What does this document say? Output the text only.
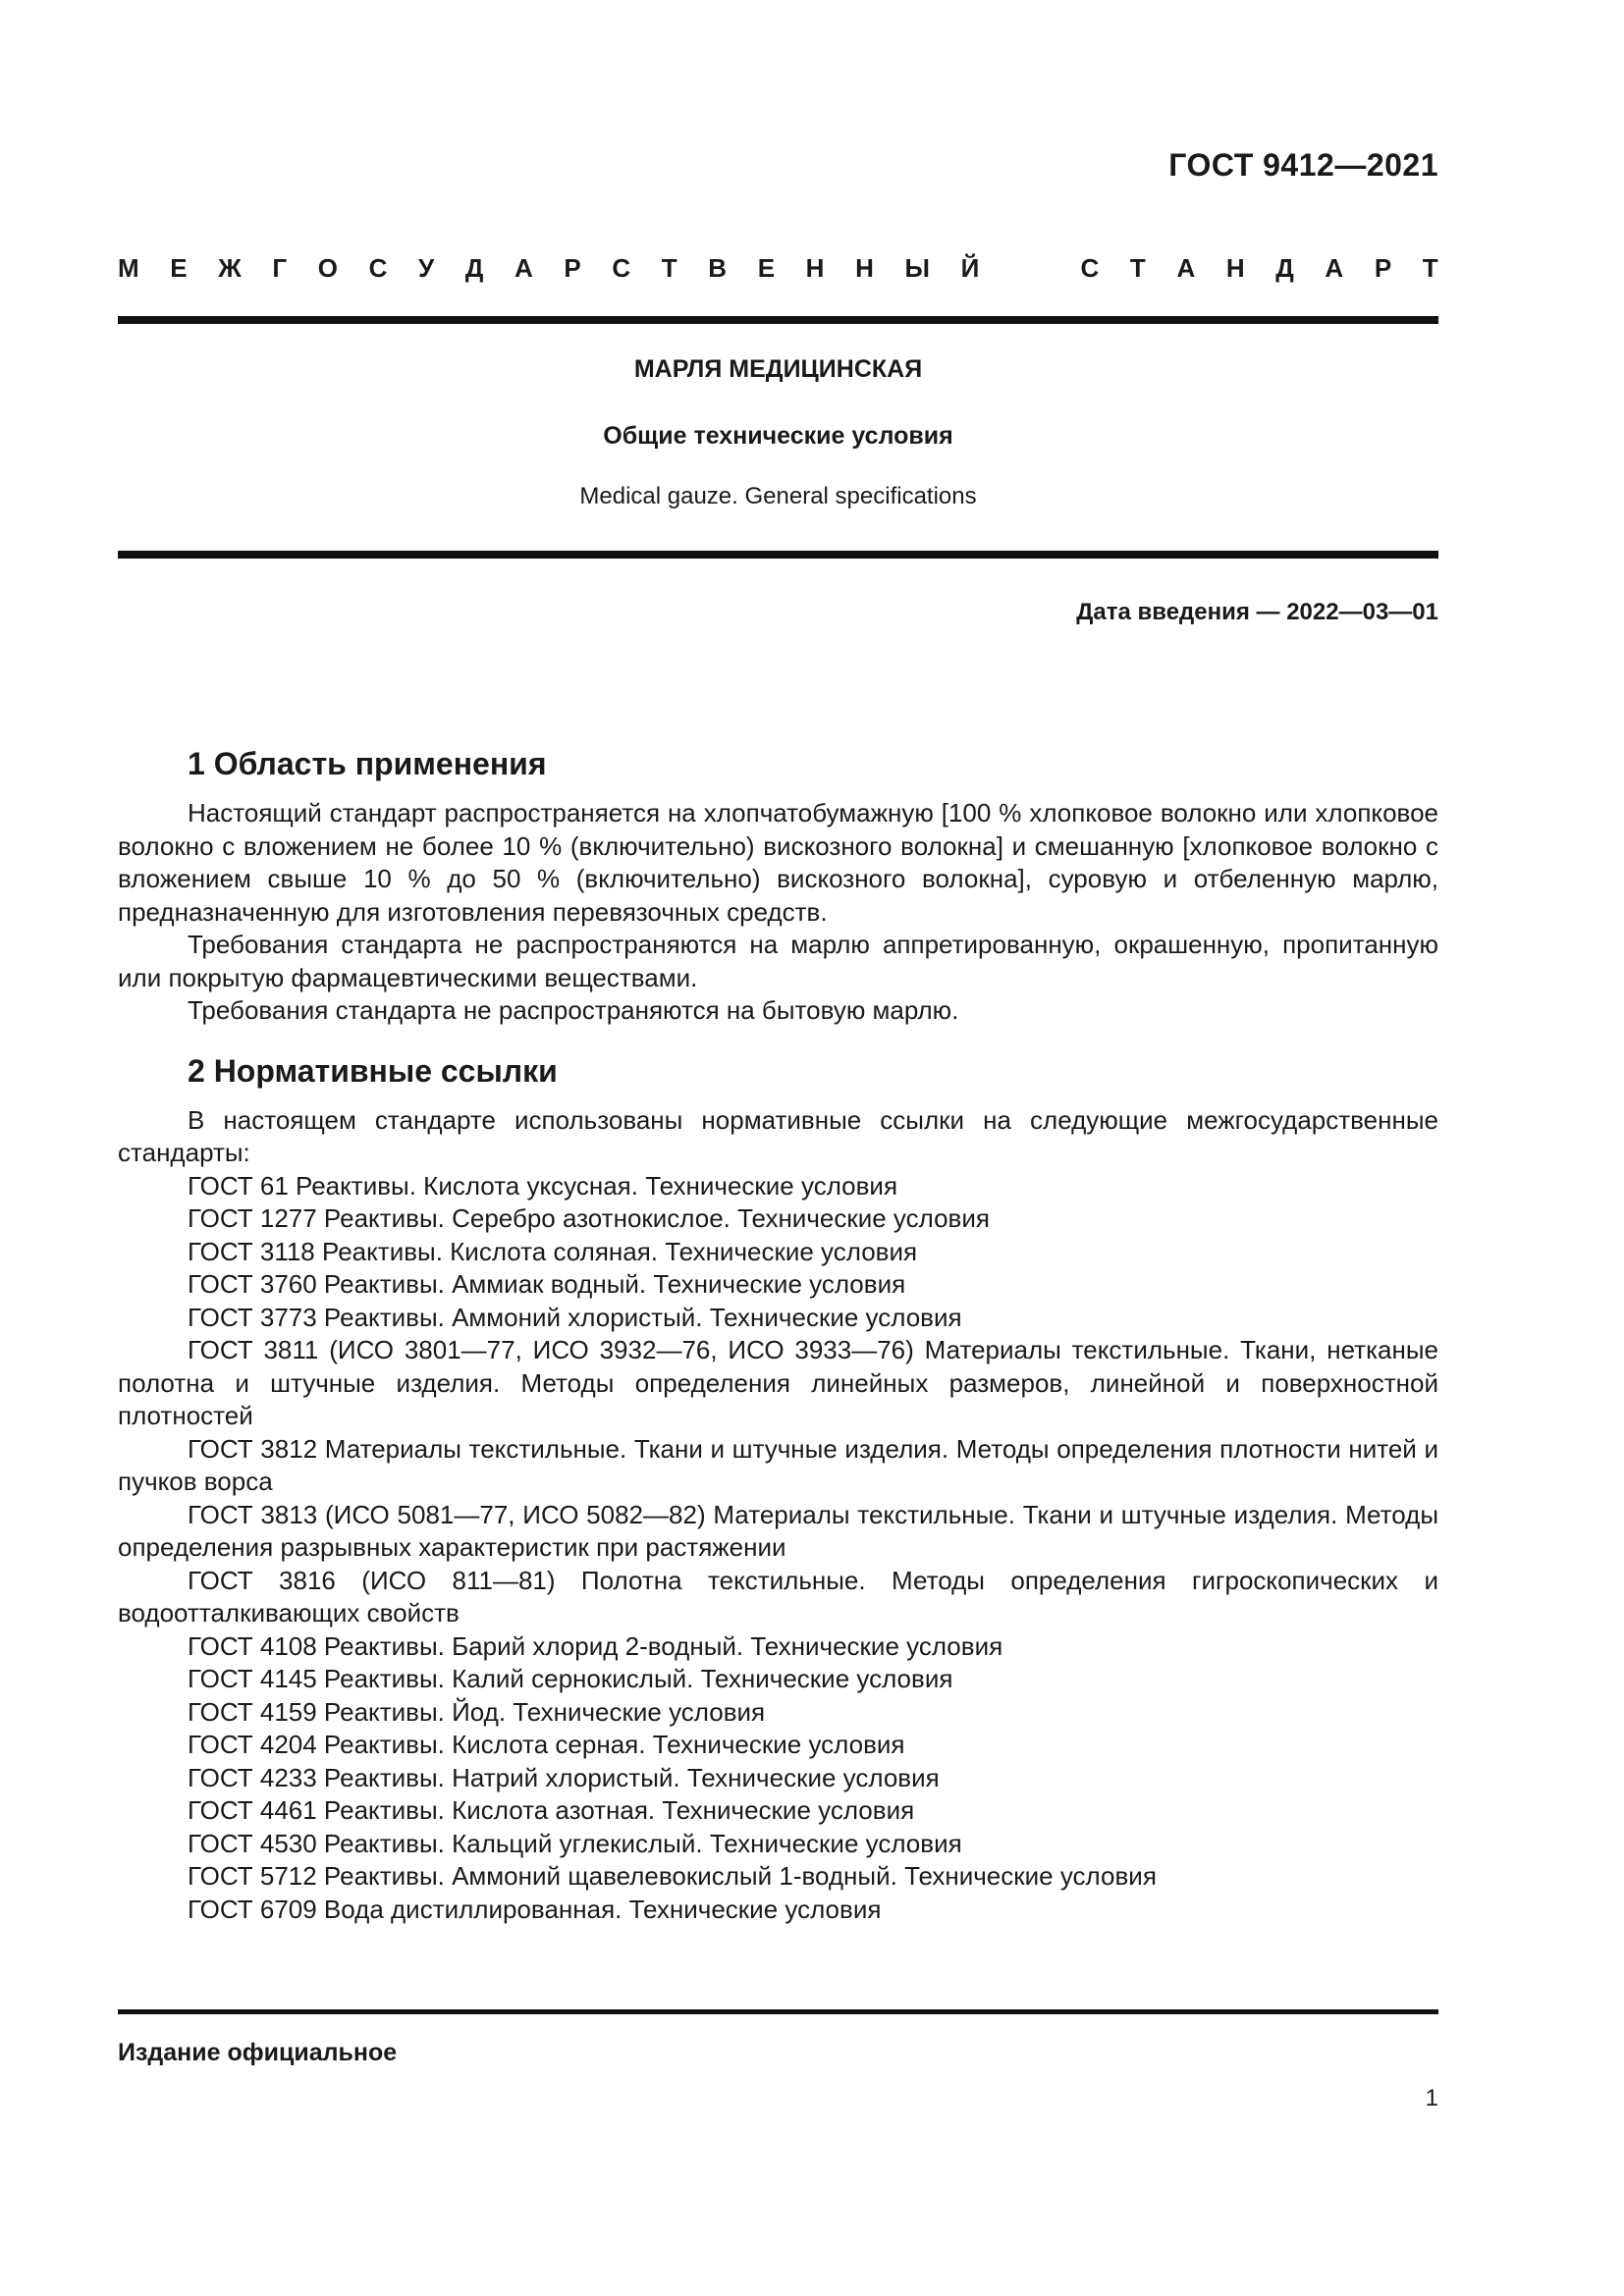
ГОСТ 9412—2021
М Е Ж Г О С У Д А Р С Т В Е Н Н Ы Й	С Т А Н Д А Р Т
МАРЛЯ МЕДИЦИНСКАЯ
Общие технические условия
Medical gauze. General specifications
Дата введения — 2022—03—01
1 Область применения

Настоящий стандарт распространяется на хлопчатобумажную [100 % хлопковое волокно или хлопковое волокно с вложением не более 10 % (включительно) вискозного волокна] и смешанную [хлопковое волокно с вложением свыше 10 % до 50 % (включительно) вискозного волокна], суровую и отбеленную марлю, предназначенную для изготовления перевязочных средств.

Требования стандарта не распространяются на марлю аппретированную, окрашенную, пропитанную или покрытую фармацевтическими веществами.

Требования стандарта не распространяются на бытовую марлю.

2 Нормативные ссылки

В настоящем стандарте использованы нормативные ссылки на следующие межгосударственные стандарты:

ГОСТ 61 Реактивы. Кислота уксусная. Технические условия

ГОСТ 1277 Реактивы. Серебро азотнокислое. Технические условия

ГОСТ 3118 Реактивы. Кислота соляная. Технические условия

ГОСТ 3760 Реактивы. Аммиак водный. Технические условия

ГОСТ 3773 Реактивы. Аммоний хлористый. Технические условия

ГОСТ 3811 (ИСО 3801—77, ИСО 3932—76, ИСО 3933—76) Материалы текстильные. Ткани, нетканые полотна и штучные изделия. Методы определения линейных размеров, линейной и поверхностной плотностей

ГОСТ 3812 Материалы текстильные. Ткани и штучные изделия. Методы определения плотности нитей и пучков ворса

ГОСТ 3813 (ИСО 5081—77, ИСО 5082—82) Материалы текстильные. Ткани и штучные изделия. Методы определения разрывных характеристик при растяжении

ГОСТ 3816 (ИСО 811—81) Полотна текстильные. Методы определения гигроскопических и водоотталкивающих свойств

ГОСТ 4108 Реактивы. Барий хлорид 2-водный. Технические условия

ГОСТ 4145 Реактивы. Калий сернокислый. Технические условия

ГОСТ 4159 Реактивы. Йод. Технические условия

ГОСТ 4204 Реактивы. Кислота серная. Технические условия

ГОСТ 4233 Реактивы. Натрий хлористый. Технические условия

ГОСТ 4461 Реактивы. Кислота азотная. Технические условия

ГОСТ 4530 Реактивы. Кальций углекислый. Технические условия

ГОСТ 5712 Реактивы. Аммоний щавелевокислый 1-водный. Технические условия

ГОСТ 6709 Вода дистиллированная. Технические условия

Издание официальное
1
